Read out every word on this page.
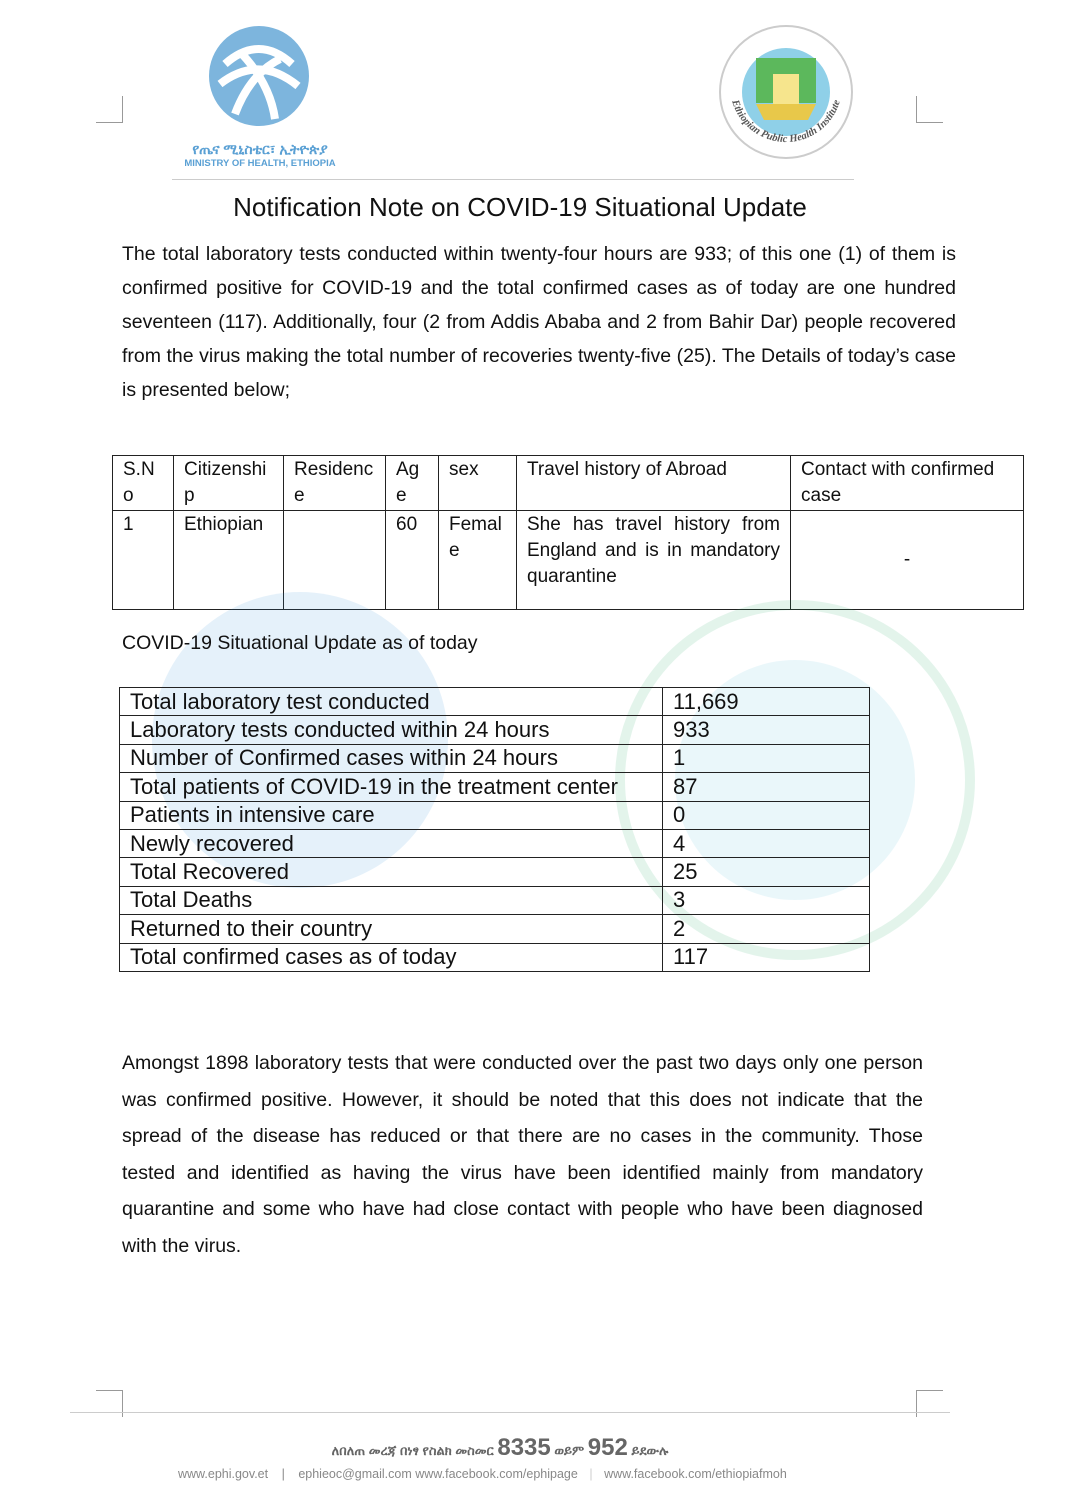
የጤና ሚኒስቴር፣ ኢትዮጵያ
MINISTRY OF HEALTH, ETHIOPIA
Ethiopian Public Health Institute
Notification Note on COVID-19 Situational Update
The total laboratory tests conducted within twenty-four hours are 933; of this one (1) of them is confirmed positive for COVID-19 and the total confirmed cases as of today are one hundred seventeen (117). Additionally, four (2 from Addis Ababa and 2 from Bahir Dar) people recovered from the virus making the total number of recoveries twenty-five (25). The Details of today’s case is presented below;
S.No	Citizenship	Residence	Age	sex	Travel history of Abroad	Contact with confirmed case
1	Ethiopian		60	Female	She has travel history from England and is in mandatory quarantine	-
COVID-19 Situational Update as of today
Total laboratory test conducted	11,669
Laboratory tests conducted within 24 hours	933
Number of Confirmed cases within 24 hours	1
Total patients of COVID-19 in the treatment center	87
Patients in intensive care	0
Newly recovered	4
Total Recovered	25
Total Deaths	3
Returned to their country	2
Total confirmed cases as of today	117
Amongst 1898 laboratory tests that were conducted over the past two days only one person was confirmed positive. However, it should be noted that this does not indicate that the spread of the disease has reduced or that there are no cases in the community. Those tested and identified as having the virus have been identified mainly from mandatory quarantine and some who have had close contact with people who have been diagnosed with the virus.
ለበለጠ መረጃ በነፃ የስልክ መስመር 8335 ወይም 952 ይደውሉ
www.ephi.gov.et | ephieoc@gmail.com www.facebook.com/ephipage | www.facebook.com/ethiopiafmoh
